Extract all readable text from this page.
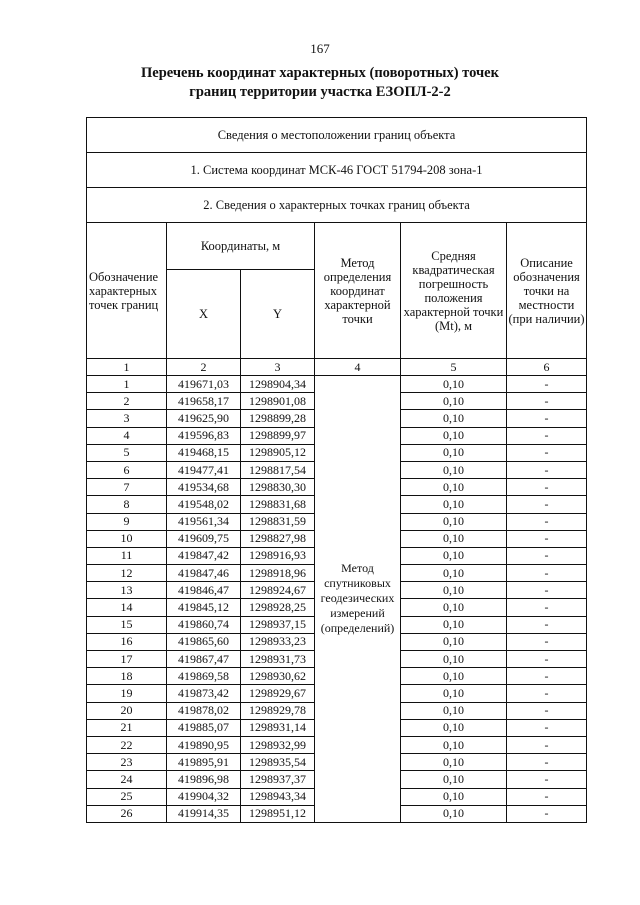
167
Перечень координат характерных (поворотных) точек
границ территории участка ЕЗОПЛ-2-2
Сведения о местоположении границ объекта					
1. Система координат МСК-46 ГОСТ 51794-208 зона-1					
2. Сведения о характерных точках границ объекта					
Обозначение характерных точек границ	Координаты, м		Метод определения координат характерной точки	Средняя квадратическая погрешность положения характерной точки (Mt), м	Описание обозначения точки на местности (при наличии)
	X	Y			
1	2	3	4	5	6
1	419671,03	1298904,34	Метод спутниковых геодезических измерений (определений)	0,10	-
2	419658,17	1298901,08		0,10	-
3	419625,90	1298899,28		0,10	-
4	419596,83	1298899,97		0,10	-
5	419468,15	1298905,12		0,10	-
6	419477,41	1298817,54		0,10	-
7	419534,68	1298830,30		0,10	-
8	419548,02	1298831,68		0,10	-
9	419561,34	1298831,59		0,10	-
10	419609,75	1298827,98		0,10	-
11	419847,42	1298916,93		0,10	-
12	419847,46	1298918,96		0,10	-
13	419846,47	1298924,67		0,10	-
14	419845,12	1298928,25		0,10	-
15	419860,74	1298937,15		0,10	-
16	419865,60	1298933,23		0,10	-
17	419867,47	1298931,73		0,10	-
18	419869,58	1298930,62		0,10	-
19	419873,42	1298929,67		0,10	-
20	419878,02	1298929,78		0,10	-
21	419885,07	1298931,14		0,10	-
22	419890,95	1298932,99		0,10	-
23	419895,91	1298935,54		0,10	-
24	419896,98	1298937,37		0,10	-
25	419904,32	1298943,34		0,10	-
26	419914,35	1298951,12		0,10	-
